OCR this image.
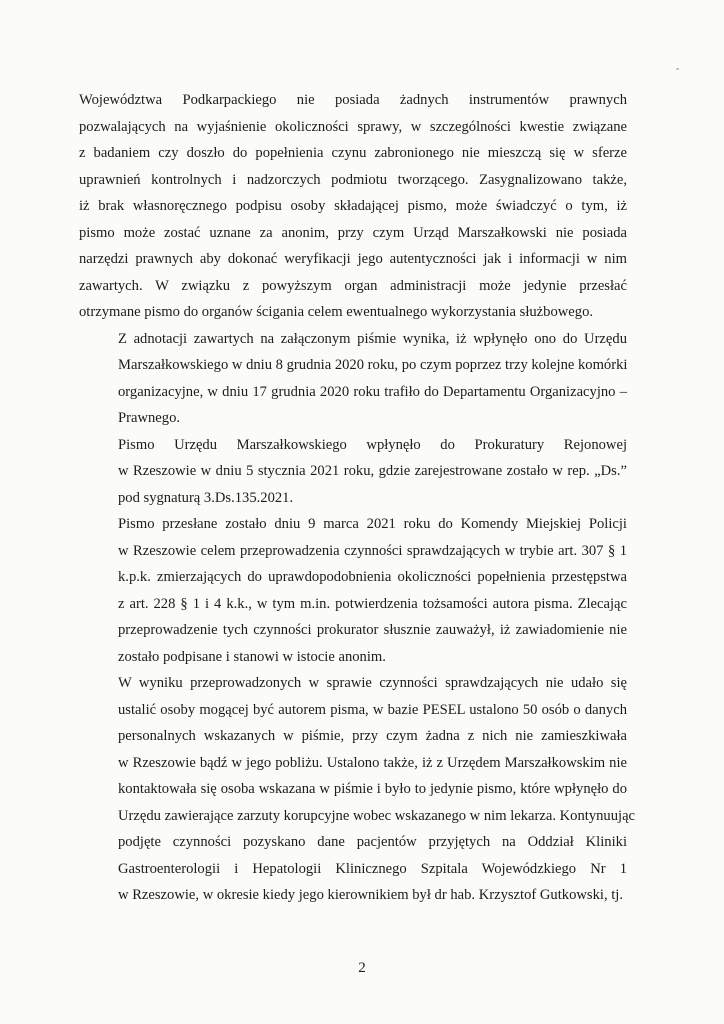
Województwa Podkarpackiego nie posiada żadnych instrumentów prawnych
pozwalających na wyjaśnienie okoliczności sprawy, w szczególności kwestie związane
z badaniem czy doszło do popełnienia czynu zabronionego nie mieszczą się w sferze
uprawnień kontrolnych i nadzorczych podmiotu tworzącego. Zasygnalizowano także,
iż brak własnoręcznego podpisu osoby składającej pismo, może świadczyć o tym, iż
pismo może zostać uznane za anonim, przy czym Urząd Marszałkowski nie posiada
narzędzi prawnych aby dokonać weryfikacji jego autentyczności jak i informacji w nim
zawartych. W związku z powyższym organ administracji może jedynie przesłać
otrzymane pismo do organów ścigania celem ewentualnego wykorzystania służbowego.
Z adnotacji zawartych na załączonym piśmie wynika, iż wpłynęło ono do Urzędu
Marszałkowskiego w dniu 8 grudnia 2020 roku, po czym poprzez trzy kolejne komórki
organizacyjne, w dniu 17 grudnia 2020 roku trafiło do Departamentu Organizacyjno –
Prawnego.
Pismo Urzędu Marszałkowskiego wpłynęło do Prokuratury Rejonowej
w Rzeszowie w dniu 5 stycznia 2021 roku, gdzie zarejestrowane zostało w rep. „Ds.”
pod sygnaturą 3.Ds.135.2021.
Pismo przesłane zostało dniu 9 marca 2021 roku do Komendy Miejskiej Policji
w Rzeszowie celem przeprowadzenia czynności sprawdzających w trybie art. 307 § 1
k.p.k. zmierzających do uprawdopodobnienia okoliczności popełnienia przestępstwa
z art. 228 § 1 i 4 k.k., w tym m.in. potwierdzenia tożsamości autora pisma. Zlecając
przeprowadzenie tych czynności prokurator słusznie zauważył, iż zawiadomienie nie
zostało podpisane i stanowi w istocie anonim.
W wyniku przeprowadzonych w sprawie czynności sprawdzających nie udało się
ustalić osoby mogącej być autorem pisma, w bazie PESEL ustalono 50 osób o danych
personalnych wskazanych w piśmie, przy czym żadna z nich nie zamieszkiwała
w Rzeszowie bądź w jego pobliżu. Ustalono także, iż z Urzędem Marszałkowskim nie
kontaktowała się osoba wskazana w piśmie i było to jedynie pismo, które wpłynęło do
Urzędu zawierające zarzuty korupcyjne wobec wskazanego w nim lekarza. Kontynuując
podjęte czynności pozyskano dane pacjentów przyjętych na Oddział Kliniki
Gastroenterologii i Hepatologii Klinicznego Szpitala Wojewódzkiego Nr 1
w Rzeszowie, w okresie kiedy jego kierownikiem był dr hab. Krzysztof Gutkowski, tj.
2
